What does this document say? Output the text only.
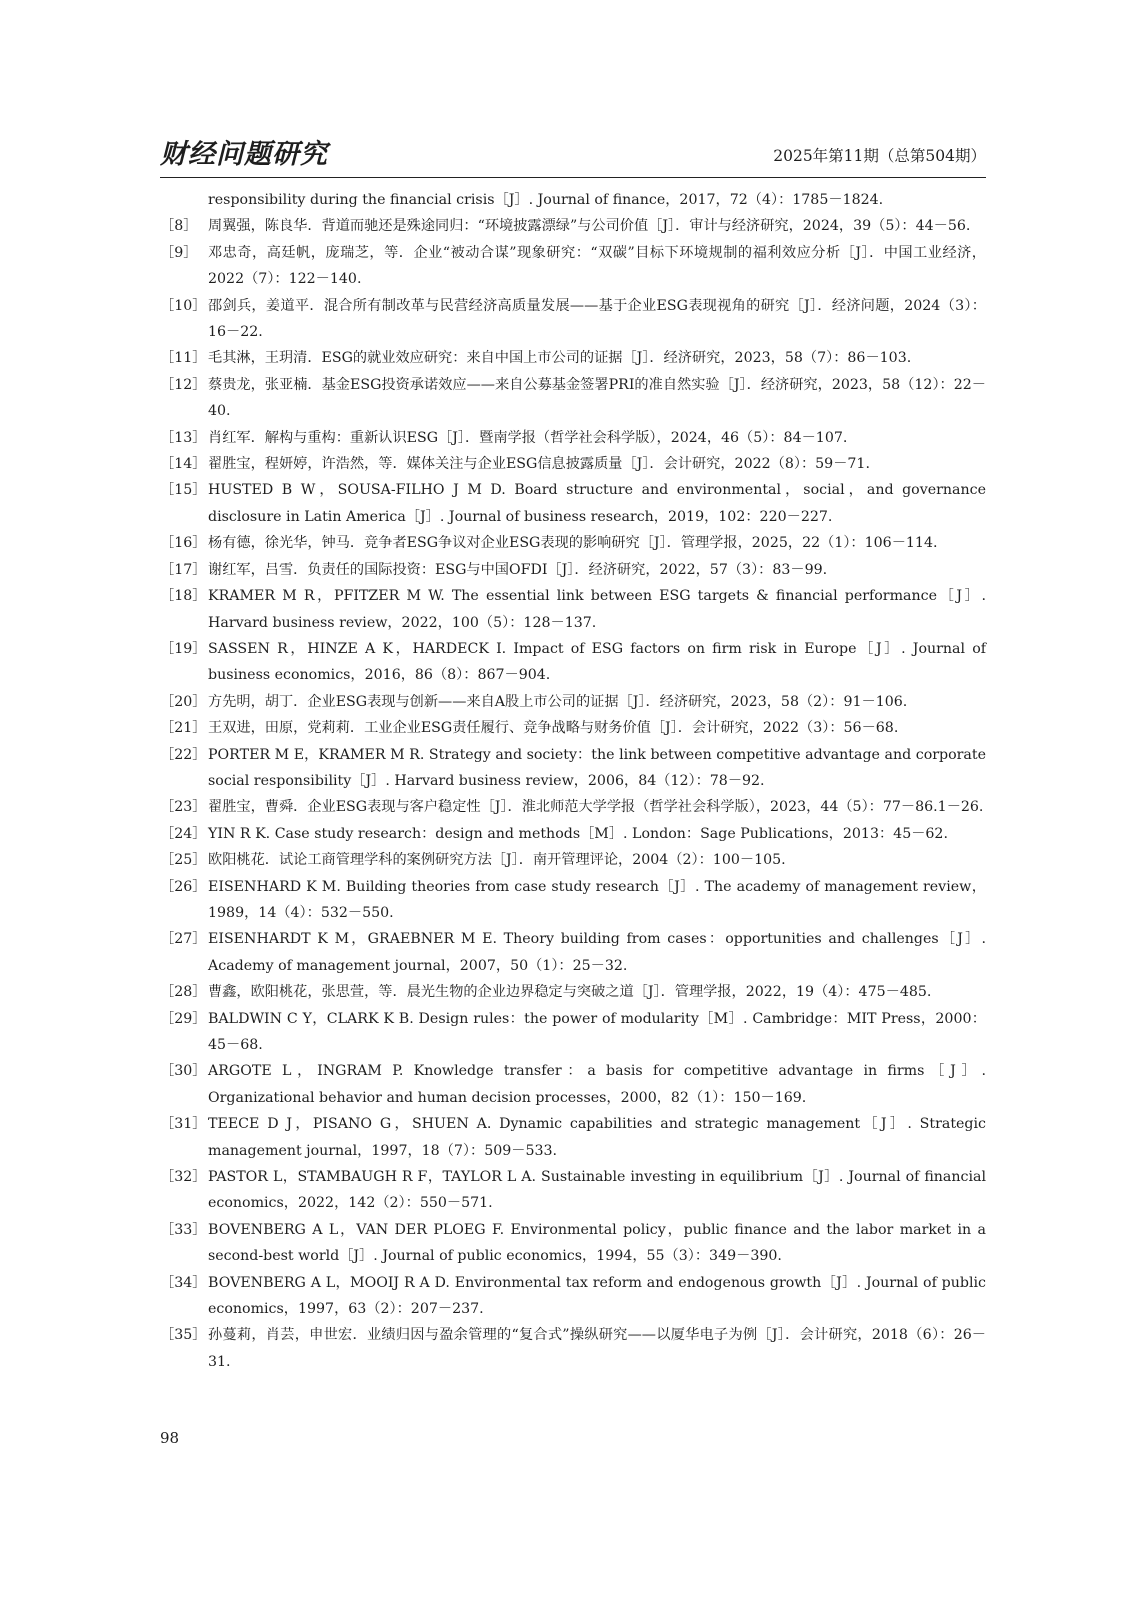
财经问题研究	2025年第11期（总第504期）
responsibility during the financial crisis［J］. Journal of finance，2017，72（4）：1785－1824.
［8］ 周翼强，陈良华．背道而驰还是殊途同归：“环境披露漂绿”与公司价值［J］．审计与经济研究，2024，39（5）：44－56.
［9］ 邓忠奇，高廷帆，庞瑞芝，等．企业“被动合谋”现象研究：“双碳”目标下环境规制的福利效应分析［J］．中国工业经济，2022（7）：122－140.
［10］ 邵剑兵，姜道平．混合所有制改革与民营经济高质量发展——基于企业ESG表现视角的研究［J］．经济问题，2024（3）：16－22.
［11］ 毛其淋，王玥清．ESG的就业效应研究：来自中国上市公司的证据［J］．经济研究，2023，58（7）：86－103.
［12］ 蔡贵龙，张亚楠．基金ESG投资承诺效应——来自公募基金签署PRI的准自然实验［J］．经济研究，2023，58（12）：22－40.
［13］ 肖红军．解构与重构：重新认识ESG［J］．暨南学报（哲学社会科学版），2024，46（5）：84－107.
［14］ 翟胜宝，程妍婷，许浩然，等．媒体关注与企业ESG信息披露质量［J］．会计研究，2022（8）：59－71.
［15］ HUSTED B W，SOUSA-FILHO J M D. Board structure and environmental，social，and governance disclosure in Latin America［J］. Journal of business research，2019，102：220－227.
［16］ 杨有德，徐光华，钟马．竞争者ESG争议对企业ESG表现的影响研究［J］．管理学报，2025，22（1）：106－114.
［17］ 谢红军，吕雪．负责任的国际投资：ESG与中国OFDI［J］．经济研究，2022，57（3）：83－99.
［18］ KRAMER M R，PFITZER M W. The essential link between ESG targets & financial performance［J］. Harvard business review，2022，100（5）：128－137.
［19］ SASSEN R，HINZE A K，HARDECK I. Impact of ESG factors on firm risk in Europe［J］. Journal of business economics，2016，86（8）：867－904.
［20］ 方先明，胡丁．企业ESG表现与创新——来自A股上市公司的证据［J］．经济研究，2023，58（2）：91－106.
［21］ 王双进，田原，党莉莉．工业企业ESG责任履行、竞争战略与财务价值［J］．会计研究，2022（3）：56－68.
［22］ PORTER M E，KRAMER M R. Strategy and society：the link between competitive advantage and corporate social responsibility［J］. Harvard business review，2006，84（12）：78－92.
［23］ 翟胜宝，曹舜．企业ESG表现与客户稳定性［J］．淮北师范大学学报（哲学社会科学版），2023，44（5）：77－86.1－26.
［24］ YIN R K. Case study research：design and methods［M］. London：Sage Publications，2013：45－62.
［25］ 欧阳桃花．试论工商管理学科的案例研究方法［J］．南开管理评论，2004（2）：100－105.
［26］ EISENHARD K M. Building theories from case study research［J］. The academy of management review，1989，14（4）：532－550.
［27］ EISENHARDT K M，GRAEBNER M E. Theory building from cases：opportunities and challenges［J］. Academy of management journal，2007，50（1）：25－32.
［28］ 曹鑫，欧阳桃花，张思萱，等．晨光生物的企业边界稳定与突破之道［J］．管理学报，2022，19（4）：475－485.
［29］ BALDWIN C Y，CLARK K B. Design rules：the power of modularity［M］. Cambridge：MIT Press，2000：45－68.
［30］ ARGOTE L，INGRAM P. Knowledge transfer：a basis for competitive advantage in firms［J］. Organizational behavior and human decision processes，2000，82（1）：150－169.
［31］ TEECE D J，PISANO G，SHUEN A. Dynamic capabilities and strategic management［J］. Strategic management journal，1997，18（7）：509－533.
［32］ PASTOR L，STAMBAUGH R F，TAYLOR L A. Sustainable investing in equilibrium［J］. Journal of financial economics，2022，142（2）：550－571.
［33］ BOVENBERG A L，VAN DER PLOEG F. Environmental policy，public finance and the labor market in a second-best world［J］. Journal of public economics，1994，55（3）：349－390.
［34］ BOVENBERG A L，MOOIJ R A D. Environmental tax reform and endogenous growth［J］. Journal of public economics，1997，63（2）：207－237.
［35］ 孙蔓莉，肖芸，申世宏．业绩归因与盈余管理的“复合式”操纵研究——以厦华电子为例［J］．会计研究，2018（6）：26－31.
98
